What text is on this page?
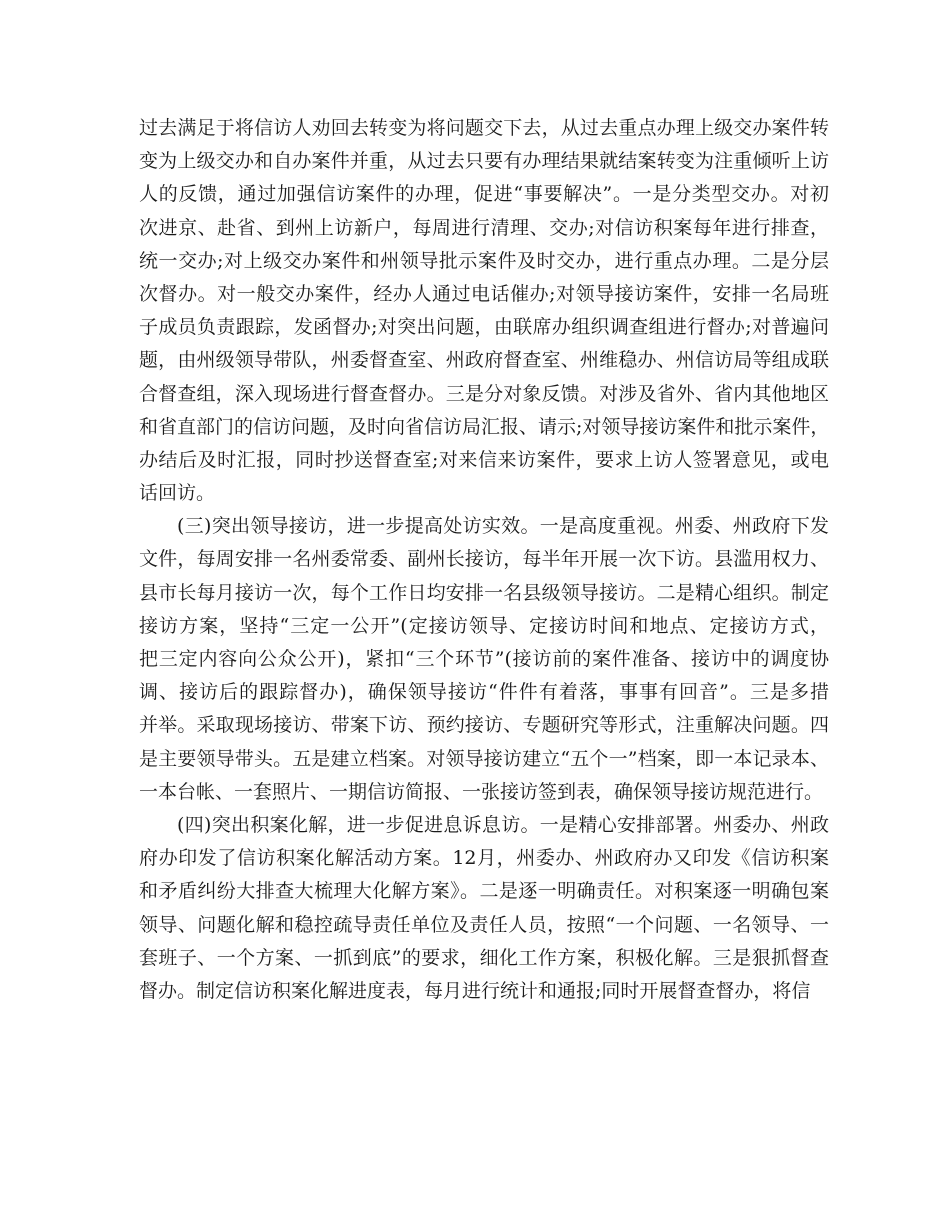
过去满足于将信访人劝回去转变为将问题交下去，从过去重点办理上级交办案件转
变为上级交办和自办案件并重，从过去只要有办理结果就结案转变为注重倾听上访
人的反馈，通过加强信访案件的办理，促进“事要解决”。一是分类型交办。对初
次进京、赴省、到州上访新户，每周进行清理、交办;对信访积案每年进行排查，
统一交办;对上级交办案件和州领导批示案件及时交办，进行重点办理。二是分层
次督办。对一般交办案件，经办人通过电话催办;对领导接访案件，安排一名局班
子成员负责跟踪，发函督办;对突出问题，由联席办组织调查组进行督办;对普遍问
题，由州级领导带队，州委督查室、州政府督查室、州维稳办、州信访局等组成联
合督查组，深入现场进行督查督办。三是分对象反馈。对涉及省外、省内其他地区
和省直部门的信访问题，及时向省信访局汇报、请示;对领导接访案件和批示案件，
办结后及时汇报，同时抄送督查室;对来信来访案件，要求上访人签署意见，或电
话回访。
(三)突出领导接访，进一步提高处访实效。一是高度重视。州委、州政府下发
文件，每周安排一名州委常委、副州长接访，每半年开展一次下访。县滥用权力、
县市长每月接访一次，每个工作日均安排一名县级领导接访。二是精心组织。制定
接访方案，坚持“三定一公开”(定接访领导、定接访时间和地点、定接访方式，
把三定内容向公众公开)，紧扣“三个环节”(接访前的案件准备、接访中的调度协
调、接访后的跟踪督办)，确保领导接访“件件有着落，事事有回音”。三是多措
并举。采取现场接访、带案下访、预约接访、专题研究等形式，注重解决问题。四
是主要领导带头。五是建立档案。对领导接访建立“五个一”档案，即一本记录本、
一本台帐、一套照片、一期信访简报、一张接访签到表，确保领导接访规范进行。
(四)突出积案化解，进一步促进息诉息访。一是精心安排部署。州委办、州政
府办印发了信访积案化解活动方案。12月，州委办、州政府办又印发《信访积案
和矛盾纠纷大排查大梳理大化解方案》。二是逐一明确责任。对积案逐一明确包案
领导、问题化解和稳控疏导责任单位及责任人员，按照“一个问题、一名领导、一
套班子、一个方案、一抓到底”的要求，细化工作方案，积极化解。三是狠抓督查
督办。制定信访积案化解进度表，每月进行统计和通报;同时开展督查督办，将信
